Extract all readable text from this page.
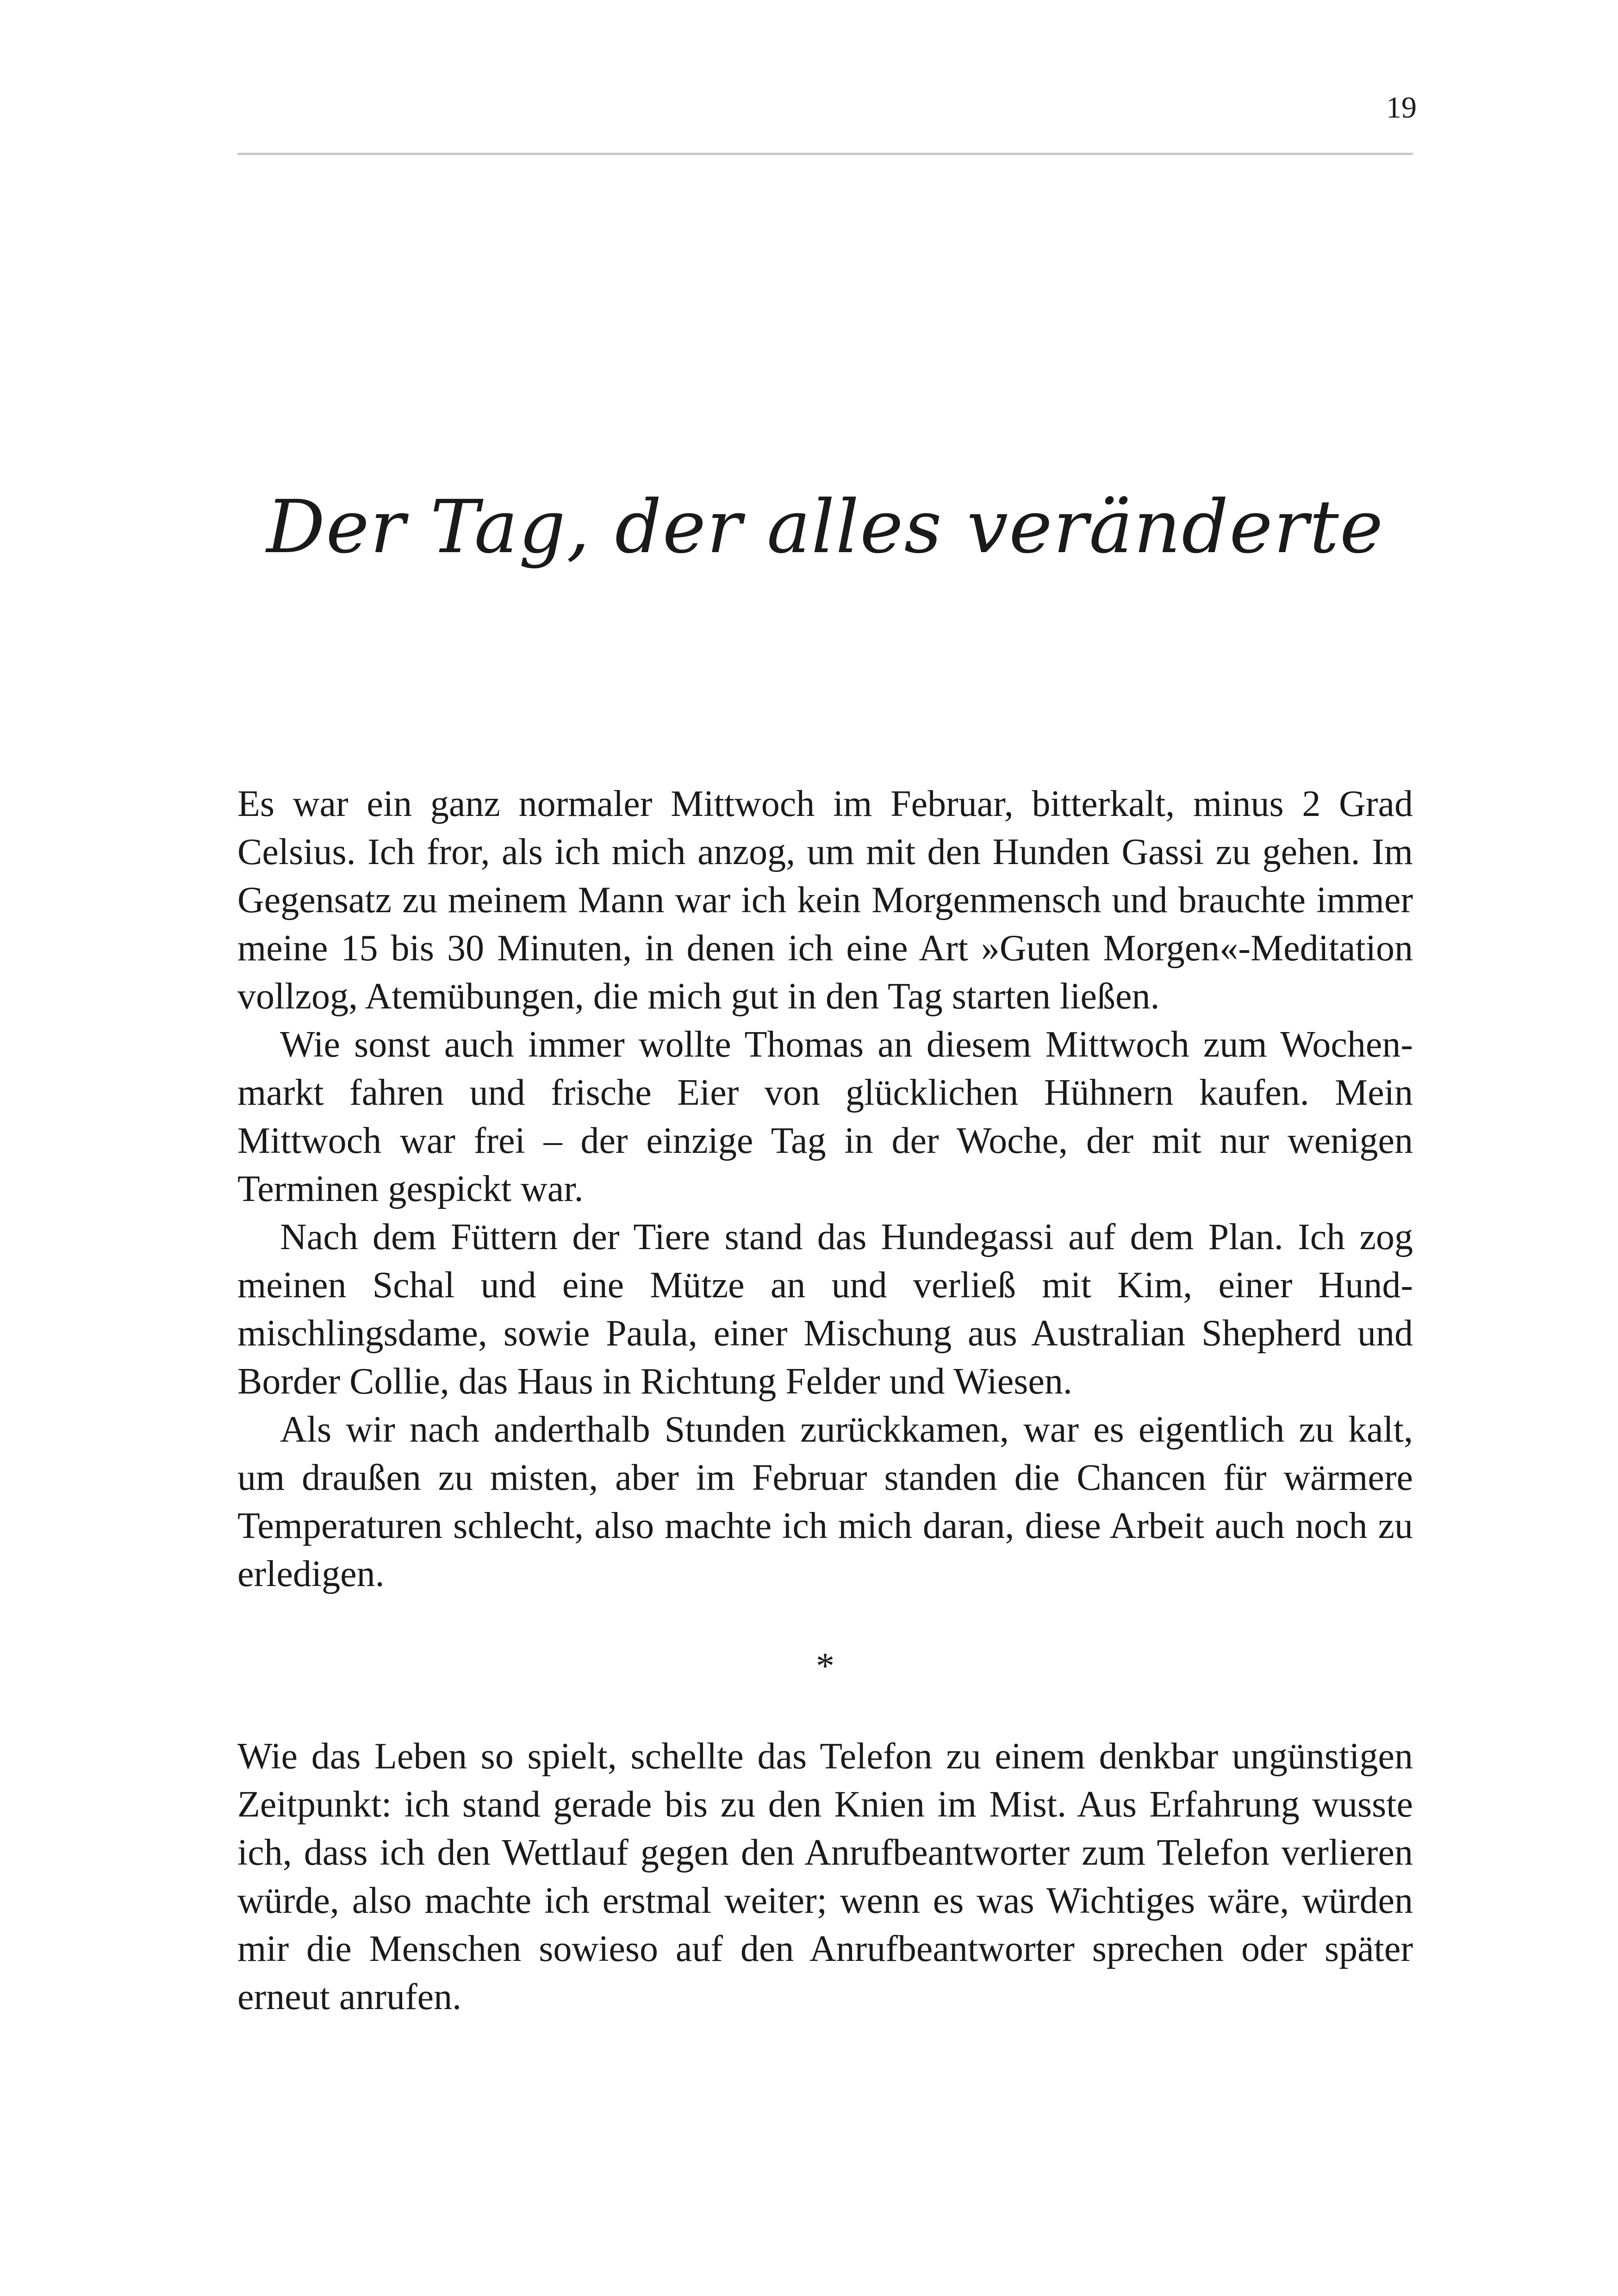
19
Der Tag, der alles veränderte

Es war ein ganz normaler Mittwoch im Februar, bitterkalt, minus 2 Grad Celsius. Ich fror, als ich mich anzog, um mit den Hunden Gassi zu gehen. Im Gegensatz zu meinem Mann war ich kein Morgenmensch und brauchte immer meine 15 bis 30 Minuten, in denen ich eine Art »Guten Morgen«-Meditation vollzog, Atemübungen, die mich gut in den Tag starten ließen.

Wie sonst auch immer wollte Thomas an diesem Mittwoch zum Wochenmarkt fahren und frische Eier von glücklichen Hühnern kaufen. Mein Mittwoch war frei – der einzige Tag in der Woche, der mit nur wenigen Terminen gespickt war.

Nach dem Füttern der Tiere stand das Hundegassi auf dem Plan. Ich zog meinen Schal und eine Mütze an und verließ mit Kim, einer Hundmischlingsdame, sowie Paula, einer Mischung aus Australian Shepherd und Border Collie, das Haus in Richtung Felder und Wiesen.

Als wir nach anderthalb Stunden zurückkamen, war es eigentlich zu kalt, um draußen zu misten, aber im Februar standen die Chancen für wärmere Temperaturen schlecht, also machte ich mich daran, diese Arbeit auch noch zu erledigen.

*

Wie das Leben so spielt, schellte das Telefon zu einem denkbar ungünstigen Zeitpunkt: ich stand gerade bis zu den Knien im Mist. Aus Erfahrung wusste ich, dass ich den Wettlauf gegen den Anrufbeantworter zum Telefon verlieren würde, also machte ich erstmal weiter; wenn es was Wichtiges wäre, würden mir die Menschen sowieso auf den Anrufbeantworter sprechen oder später erneut anrufen.
